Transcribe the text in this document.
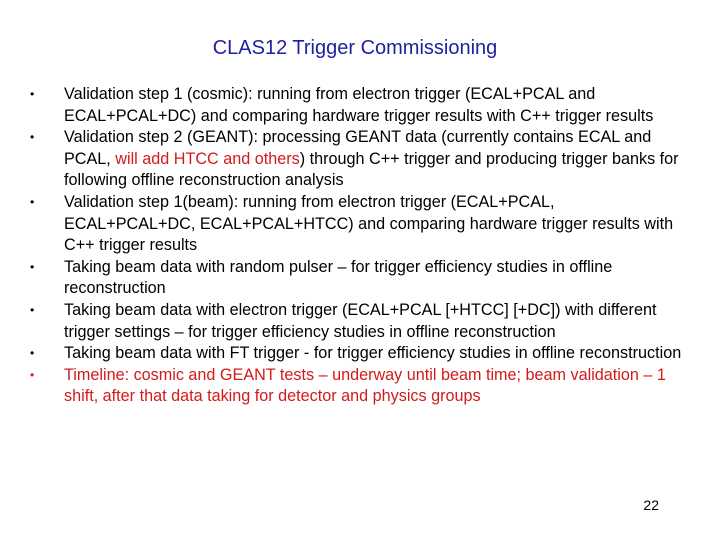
CLAS12 Trigger Commissioning
•	Validation step 1 (cosmic): running from electron trigger (ECAL+PCAL and ECAL+PCAL+DC) and comparing hardware trigger results with C++ trigger results
•	Validation step 2 (GEANT): processing GEANT data (currently contains ECAL and PCAL, will add HTCC and others) through C++ trigger and producing trigger banks for following offline reconstruction analysis
•	Validation step 1(beam): running from electron trigger (ECAL+PCAL, ECAL+PCAL+DC, ECAL+PCAL+HTCC) and comparing hardware trigger results with C++ trigger results
•	Taking beam data with random pulser – for trigger efficiency studies in offline reconstruction
•	Taking beam data with electron trigger (ECAL+PCAL [+HTCC] [+DC]) with different trigger settings – for trigger efficiency studies in offline reconstruction
•	Taking beam data with FT trigger - for trigger efficiency studies in offline reconstruction
•	Timeline: cosmic and GEANT tests – underway until beam time; beam validation – 1 shift, after that data taking for detector and physics groups
22
